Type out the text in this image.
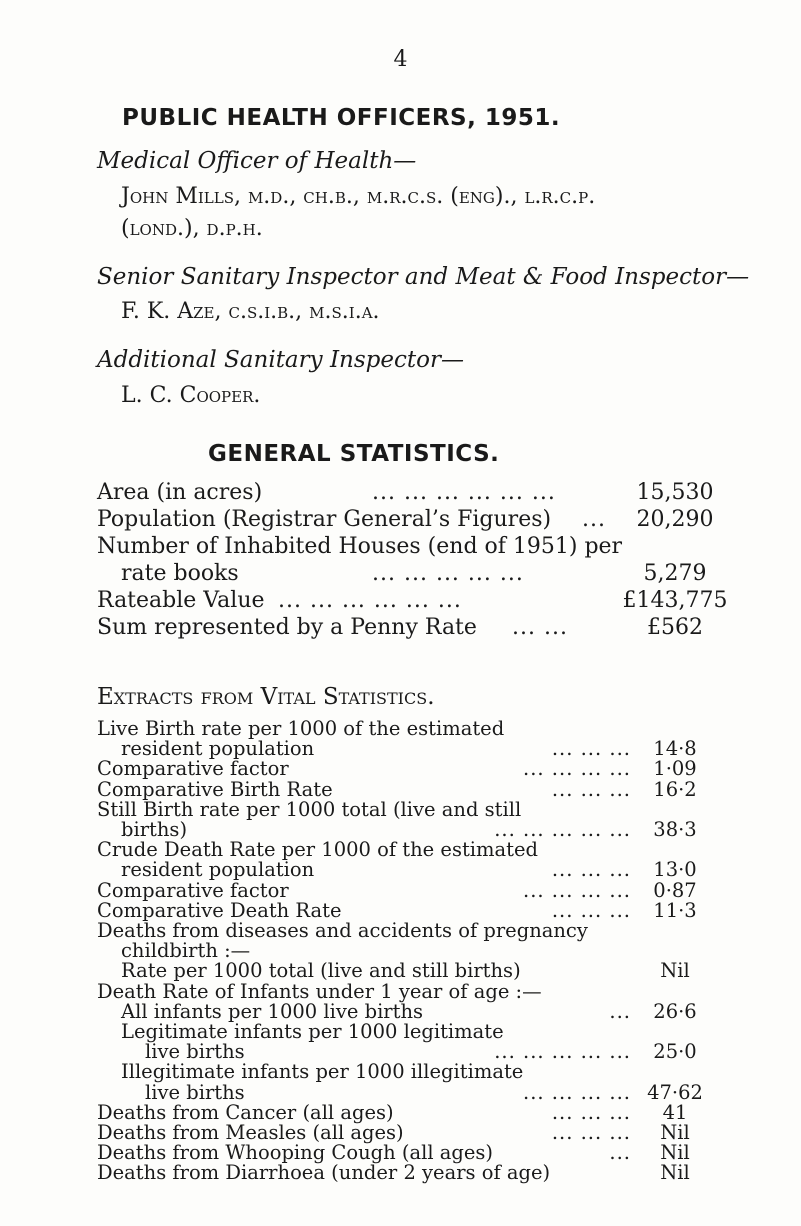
4
PUBLIC HEALTH OFFICERS, 1951.
Medical Officer of Health—
John Mills, m.d., ch.b., m.r.c.s. (eng)., l.r.c.p.
(lond.), d.p.h.
Senior Sanitary Inspector and Meat & Food Inspector—
F. K. Aze, c.s.i.b., m.s.i.a.
Additional Sanitary Inspector—
L. C. Cooper.
GENERAL STATISTICS.
Area (in acres)	... ... ... ... ... ...	15,530
Population (Registrar General’s Figures) ...	20,290
Number of Inhabited Houses (end of 1951) per
rate books	... ... ... ... ...	5,279
Rateable Value ... ... ... ... ... ...	£143,775
Sum represented by a Penny Rate ... ...	£562
Extracts from Vital Statistics.
Live Birth rate per 1000 of the estimated
resident population	... ... ...	14·8
Comparative factor	... ... ... ...	1·09
Comparative Birth Rate	... ... ...	16·2
Still Birth rate per 1000 total (live and still
births)	... ... ... ... ...	38·3
Crude Death Rate per 1000 of the estimated
resident population	... ... ...	13·0
Comparative factor	... ... ... ...	0·87
Comparative Death Rate	... ... ...	11·3
Deaths from diseases and accidents of pregnancy
childbirth :—
Rate per 1000 total (live and still births)	Nil
Death Rate of Infants under 1 year of age :—
All infants per 1000 live births	...	26·6
Legitimate infants per 1000 legitimate
live births	... ... ... ... ...	25·0
Illegitimate infants per 1000 illegitimate
live births	... ... ... ... 47·62
Deaths from Cancer (all ages)	... ... ...	41
Deaths from Measles (all ages)	... ... ...	Nil
Deaths from Whooping Cough (all ages)	...	Nil
Deaths from Diarrhoea (under 2 years of age)	Nil
